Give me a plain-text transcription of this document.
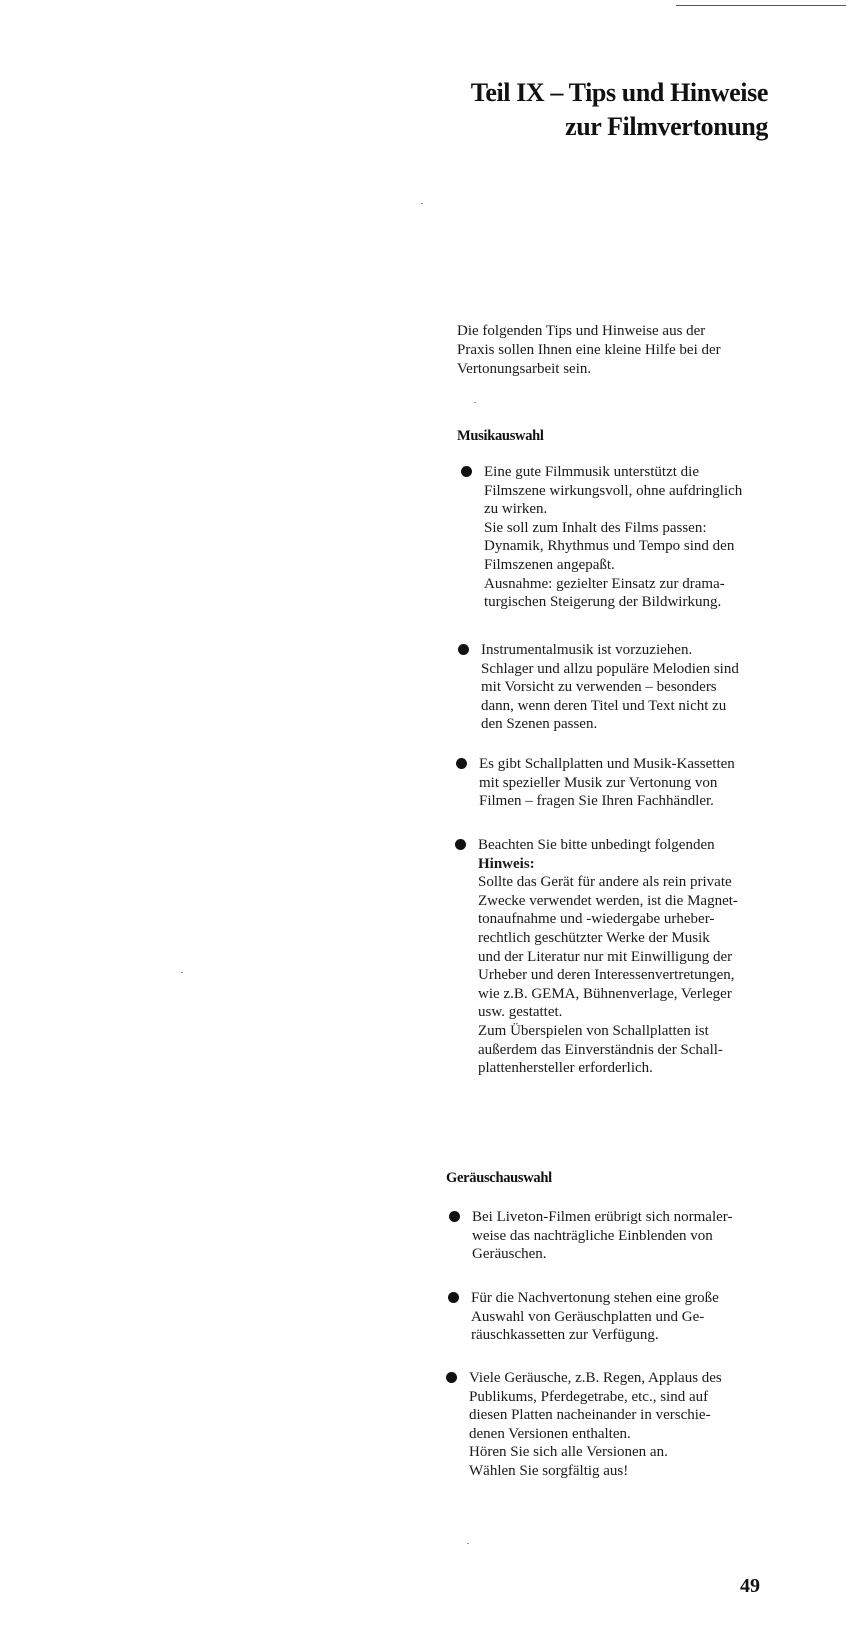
Teil IX – Tips und Hinweise
zur Filmvertonung
Die folgenden Tips und Hinweise aus der
Praxis sollen Ihnen eine kleine Hilfe bei der
Vertonungsarbeit sein.
Musikauswahl
Eine gute Filmmusik unterstützt die
Filmszene wirkungsvoll, ohne aufdringlich
zu wirken.
Sie soll zum Inhalt des Films passen:
Dynamik, Rhythmus und Tempo sind den
Filmszenen angepaßt.
Ausnahme: gezielter Einsatz zur drama-
turgischen Steigerung der Bildwirkung.
Instrumentalmusik ist vorzuziehen.
Schlager und allzu populäre Melodien sind
mit Vorsicht zu verwenden – besonders
dann, wenn deren Titel und Text nicht zu
den Szenen passen.
Es gibt Schallplatten und Musik-Kassetten
mit spezieller Musik zur Vertonung von
Filmen – fragen Sie Ihren Fachhändler.
Beachten Sie bitte unbedingt folgenden
Hinweis:
Sollte das Gerät für andere als rein private
Zwecke verwendet werden, ist die Magnet-
tonaufnahme und -wiedergabe urheber-
rechtlich geschützter Werke der Musik
und der Literatur nur mit Einwilligung der
Urheber und deren Interessenvertretungen,
wie z.B. GEMA, Bühnenverlage, Verleger
usw. gestattet.
Zum Überspielen von Schallplatten ist
außerdem das Einverständnis der Schall-
plattenhersteller erforderlich.
Geräuschauswahl
Bei Liveton-Filmen erübrigt sich normaler-
weise das nachträgliche Einblenden von
Geräuschen.
Für die Nachvertonung stehen eine große
Auswahl von Geräuschplatten und Ge-
räuschkassetten zur Verfügung.
Viele Geräusche, z.B. Regen, Applaus des
Publikums, Pferdegetrabe, etc., sind auf
diesen Platten nacheinander in verschie-
denen Versionen enthalten.
Hören Sie sich alle Versionen an.
Wählen Sie sorgfältig aus!
49
